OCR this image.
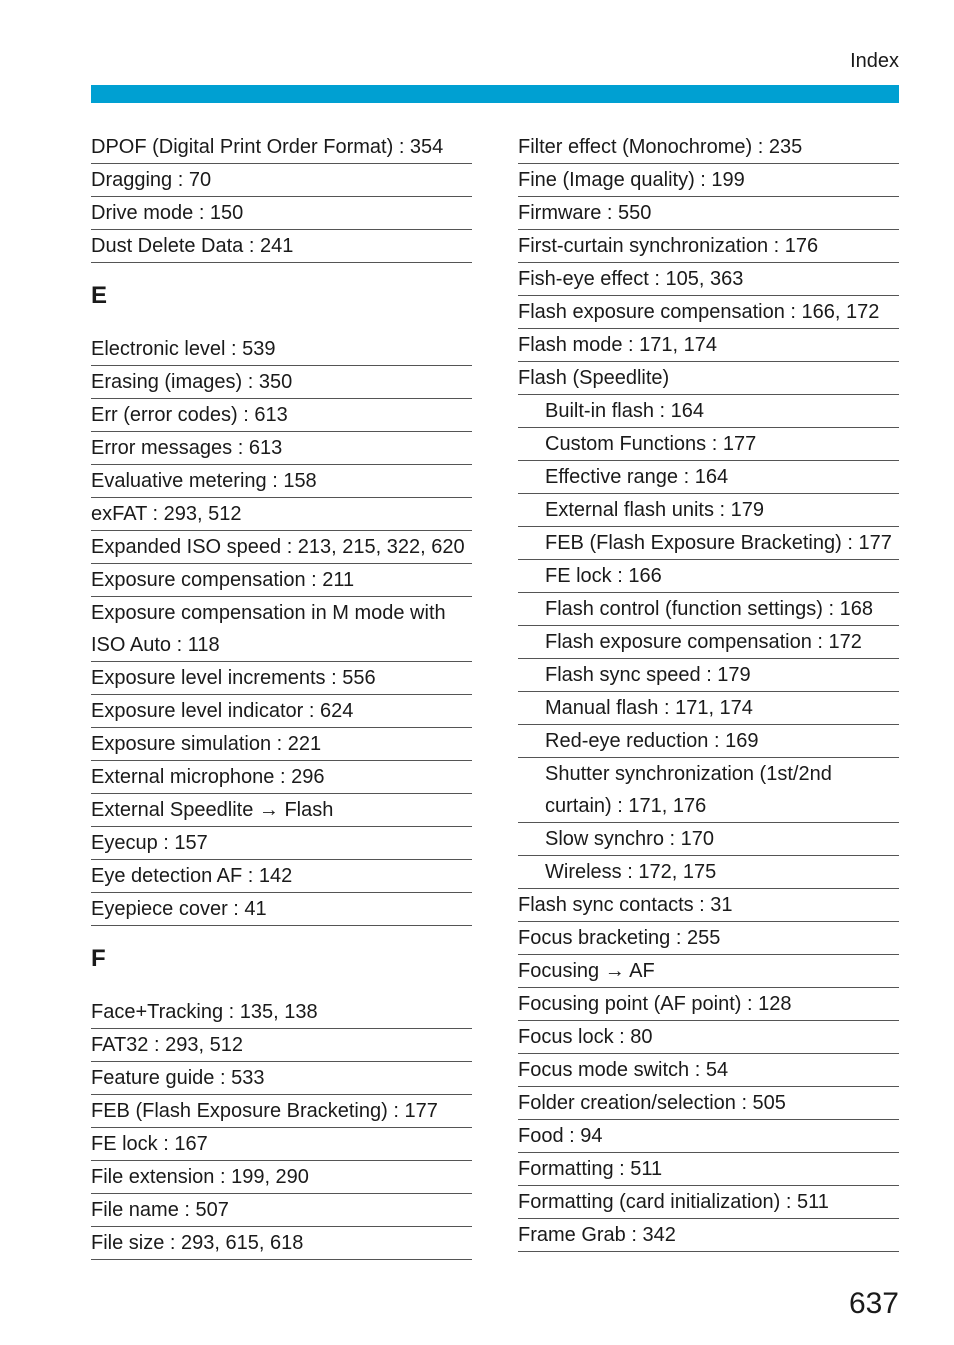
Index
DPOF (Digital Print Order Format) : 354
Dragging : 70
Drive mode : 150
Dust Delete Data : 241
E
Electronic level : 539
Erasing (images) : 350
Err (error codes) : 613
Error messages : 613
Evaluative metering : 158
exFAT : 293, 512
Expanded ISO speed : 213, 215, 322, 620
Exposure compensation : 211
Exposure compensation in M mode with ISO Auto : 118
Exposure level increments : 556
Exposure level indicator : 624
Exposure simulation : 221
External microphone : 296
External Speedlite → Flash
Eyecup : 157
Eye detection AF : 142
Eyepiece cover : 41
F
Face+Tracking : 135, 138
FAT32 : 293, 512
Feature guide : 533
FEB (Flash Exposure Bracketing) : 177
FE lock : 167
File extension : 199, 290
File name : 507
File size : 293, 615, 618
Filter effect (Monochrome) : 235
Fine (Image quality) : 199
Firmware : 550
First-curtain synchronization : 176
Fish-eye effect : 105, 363
Flash exposure compensation : 166, 172
Flash mode : 171, 174
Flash (Speedlite)
Built-in flash : 164
Custom Functions : 177
Effective range : 164
External flash units : 179
FEB (Flash Exposure Bracketing) : 177
FE lock : 166
Flash control (function settings) : 168
Flash exposure compensation : 172
Flash sync speed : 179
Manual flash : 171, 174
Red-eye reduction : 169
Shutter synchronization (1st/2nd curtain) : 171, 176
Slow synchro : 170
Wireless : 172, 175
Flash sync contacts : 31
Focus bracketing : 255
Focusing → AF
Focusing point (AF point) : 128
Focus lock : 80
Focus mode switch : 54
Folder creation/selection : 505
Food : 94
Formatting : 511
Formatting (card initialization) : 511
Frame Grab : 342
637
